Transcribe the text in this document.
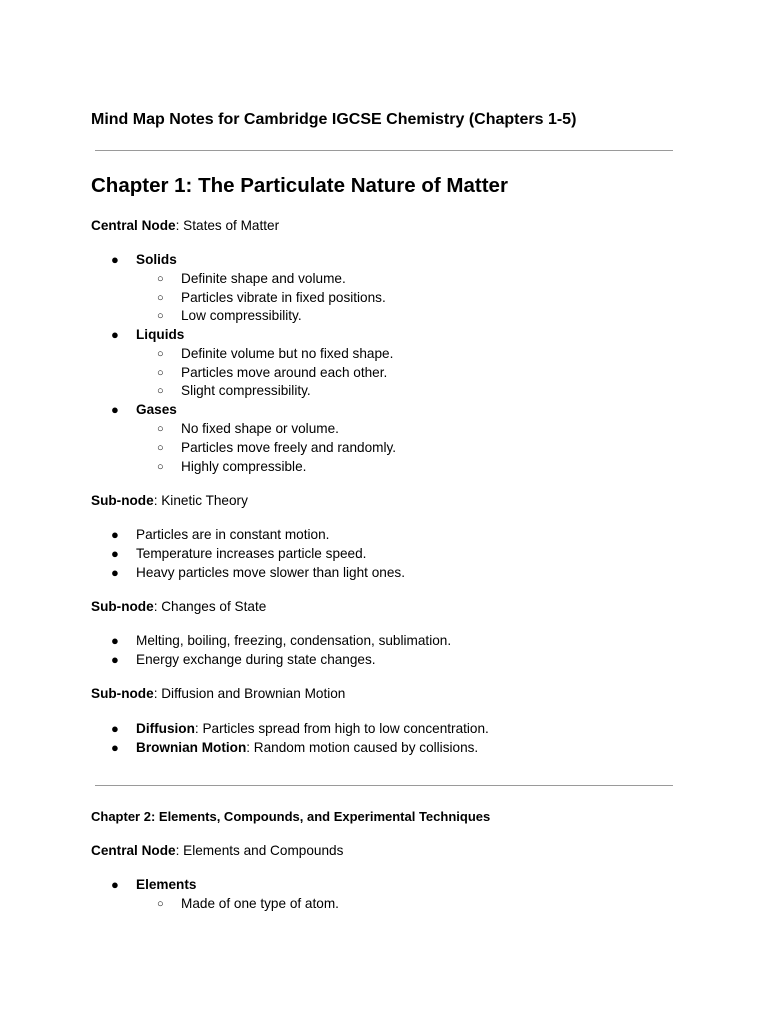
Mind Map Notes for Cambridge IGCSE Chemistry (Chapters 1-5)
Chapter 1: The Particulate Nature of Matter
Central Node: States of Matter
● Solids
○ Definite shape and volume.
○ Particles vibrate in fixed positions.
○ Low compressibility.
● Liquids
○ Definite volume but no fixed shape.
○ Particles move around each other.
○ Slight compressibility.
● Gases
○ No fixed shape or volume.
○ Particles move freely and randomly.
○ Highly compressible.
Sub-node: Kinetic Theory
● Particles are in constant motion.
● Temperature increases particle speed.
● Heavy particles move slower than light ones.
Sub-node: Changes of State
● Melting, boiling, freezing, condensation, sublimation.
● Energy exchange during state changes.
Sub-node: Diffusion and Brownian Motion
● Diffusion: Particles spread from high to low concentration.
● Brownian Motion: Random motion caused by collisions.
Chapter 2: Elements, Compounds, and Experimental Techniques
Central Node: Elements and Compounds
● Elements
○ Made of one type of atom.
